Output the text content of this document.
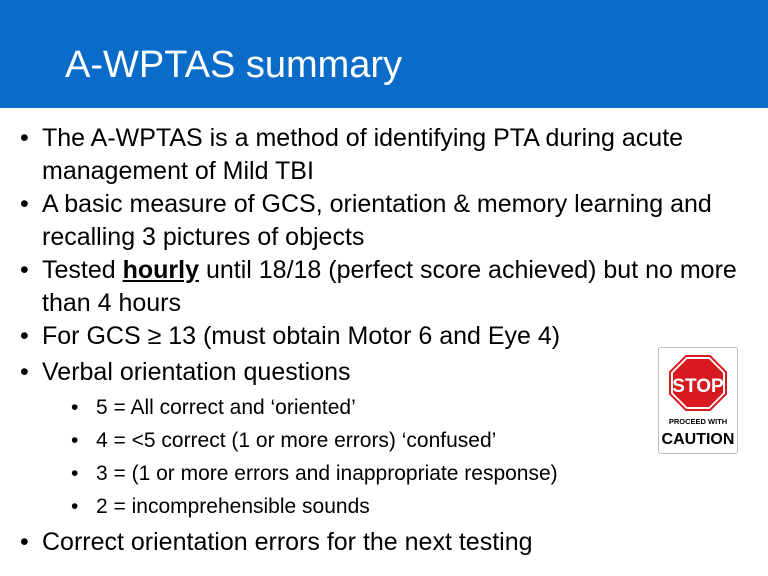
A-WPTAS summary
• The A-WPTAS is a method of identifying PTA during acute management of Mild TBI
• A basic measure of GCS, orientation & memory learning and recalling 3 pictures of objects
• Tested hourly until 18/18 (perfect score achieved) but no more than 4 hours
• For GCS ≥ 13 (must obtain Motor 6 and Eye 4)
• Verbal orientation questions
• 5 = All correct and ‘oriented’
• 4 = <5 correct (1 or more errors) ‘confused’
• 3 = (1 or more errors and inappropriate response)
• 2 = incomprehensible sounds
• Correct orientation errors for the next testing
STOP
PROCEED WITH
CAUTION
